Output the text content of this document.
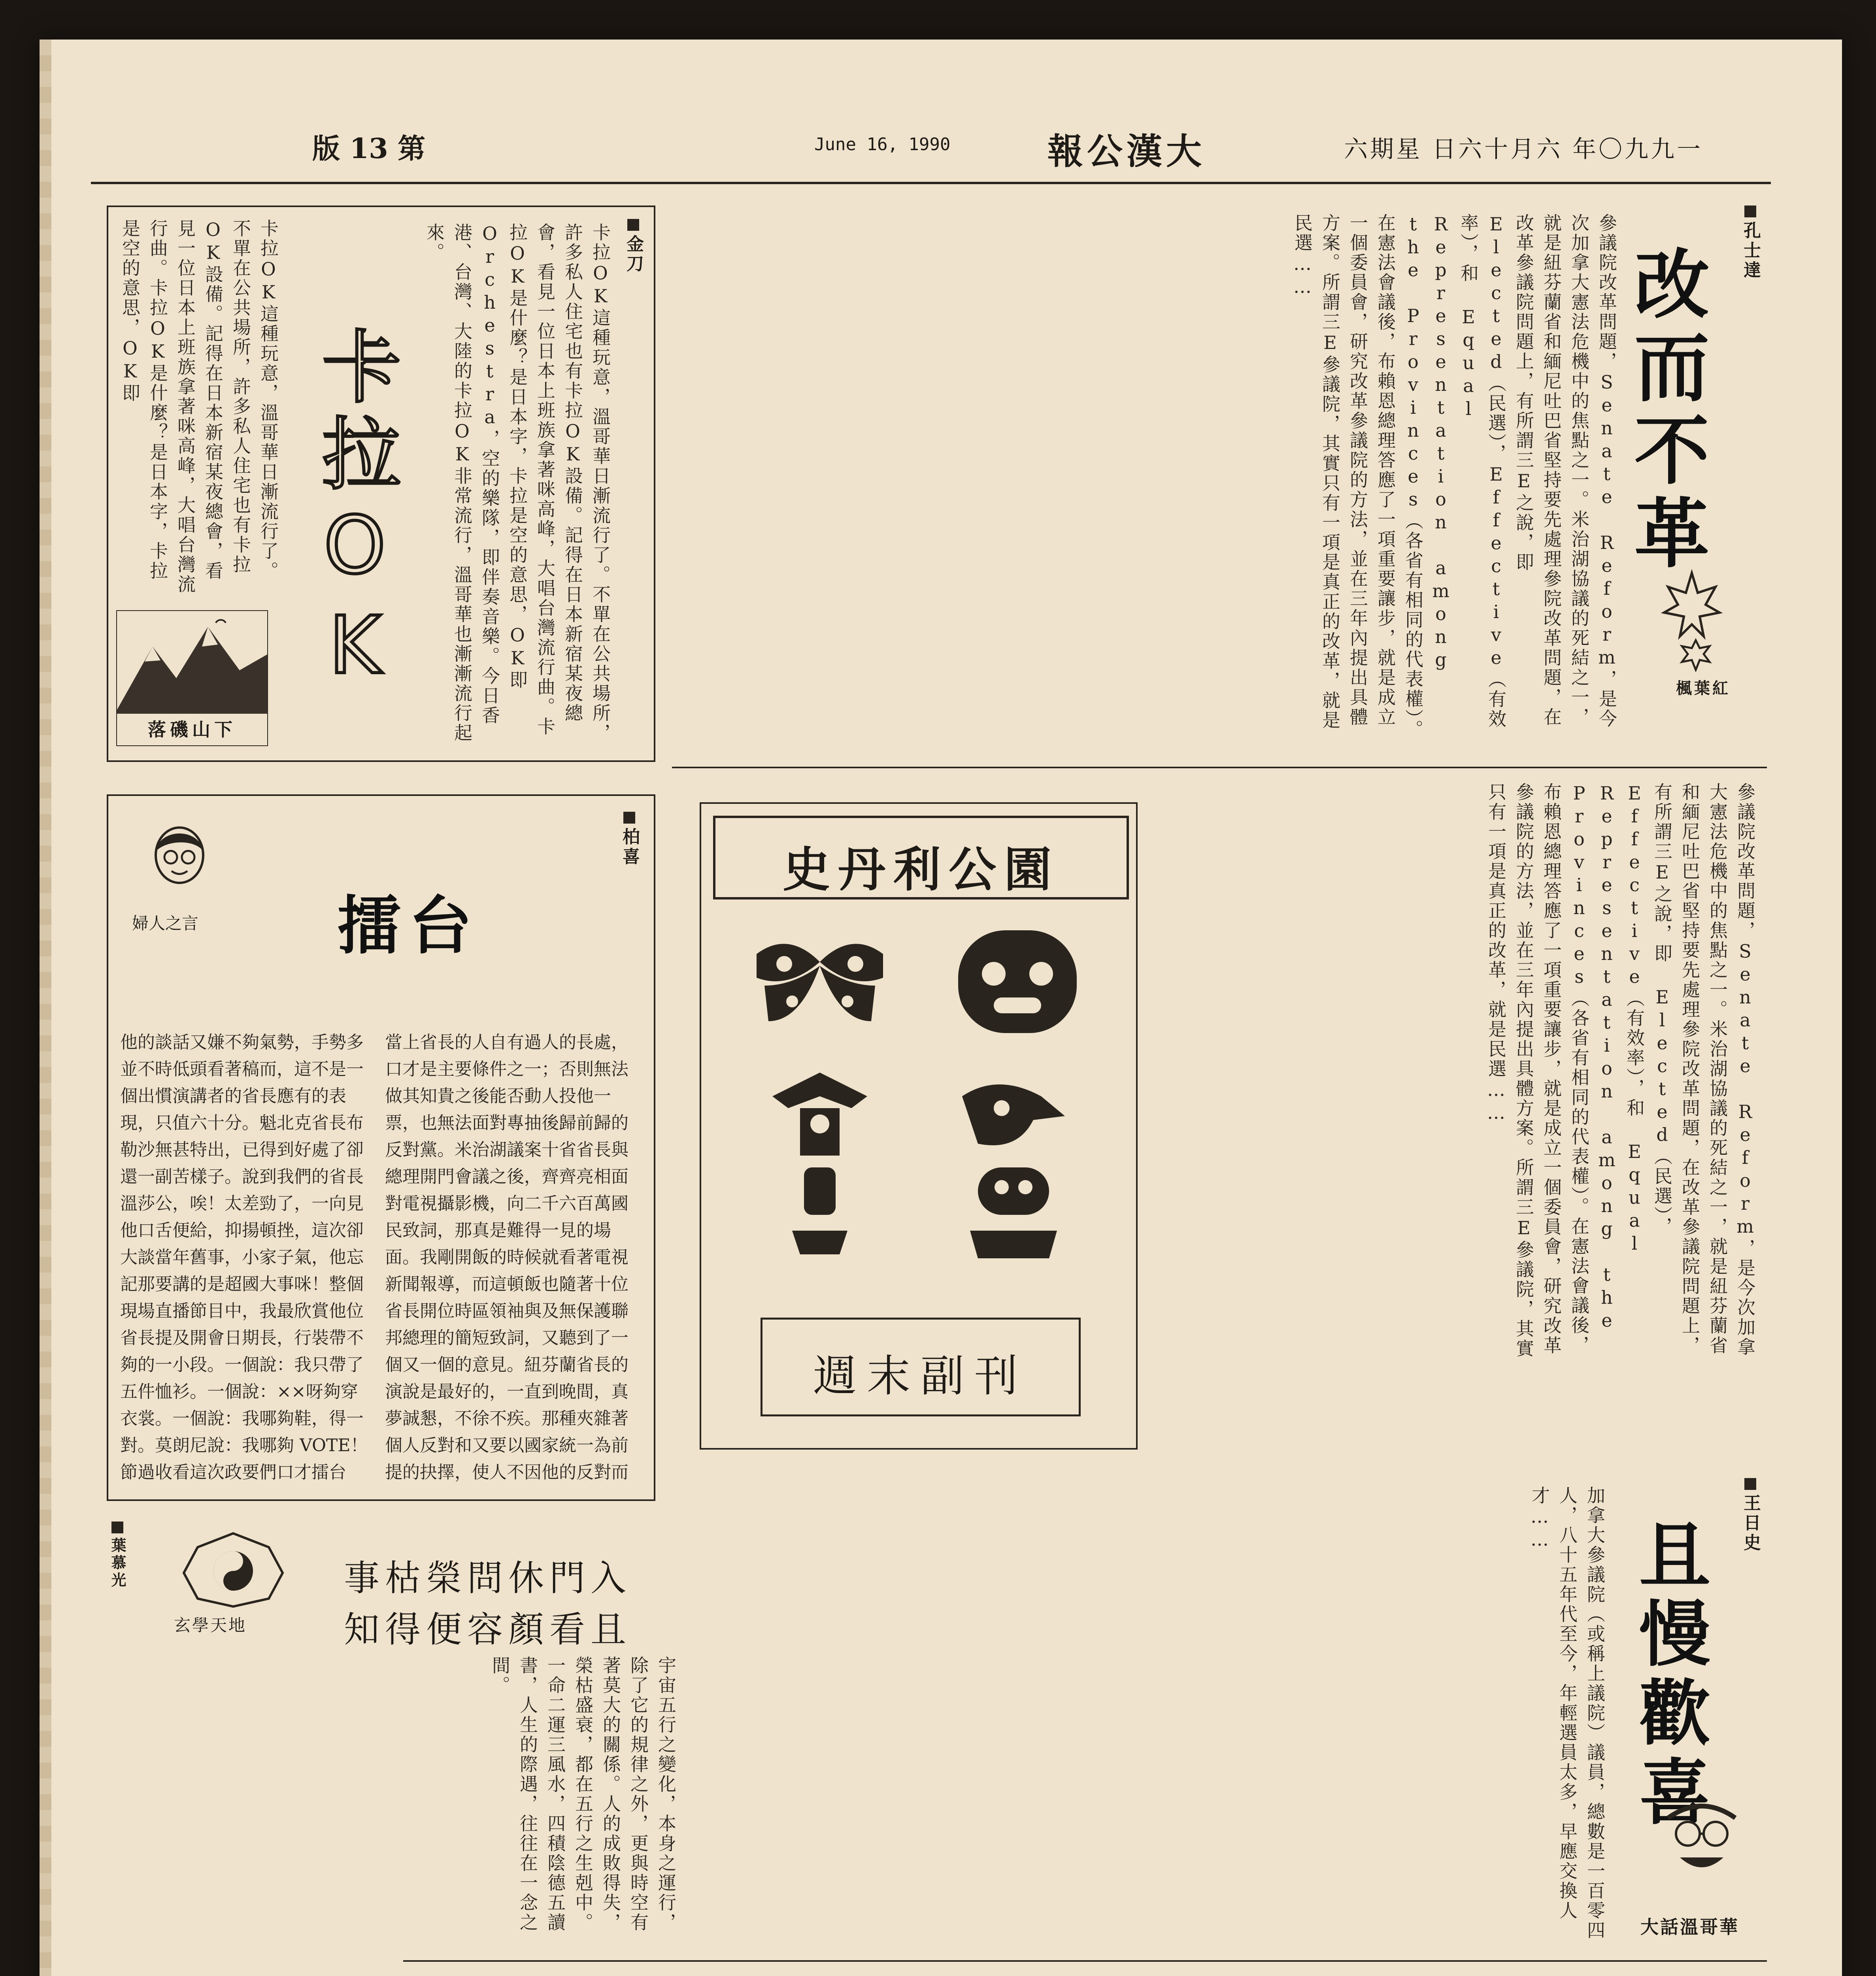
版 13 第	June 16, 1990	報公漢大	六期星 日六十月六 年〇九九一
孔士達
改而不革
楓葉紅
參議院改革問題，Senate Reform，是今次加拿大憲法危機中的焦點之一。米治湖協議的死結之一，就是紐芬蘭省和緬尼吐巴省堅持要先處理參院改革問題，在改革參議院問題上，有所謂三E之說，即 Elected（民選），Effective（有效率），和 Equal Representation among the Provinces（各省有相同的代表權）。在憲法會議後，布賴恩總理答應了一項重要讓步，就是成立一個委員會，研究改革參議院的方法，並在三年內提出具體方案。所謂三E參議院，其實只有一項是真正的改革，就是民選……
金刀
卡拉OK
落磯山下	卡拉OK這種玩意，溫哥華日漸流行了。不單在公共場所，許多私人住宅也有卡拉OK設備。記得在日本新宿某夜總會，看見一位日本上班族拿著咪高峰，大唱台灣流行曲。卡拉OK是什麼？是日本字，卡拉是空的意思，OK即Orchestra，空的樂隊，即伴奏音樂。今日香港、台灣、大陸的卡拉OK非常流行，溫哥華也漸漸流行起來。
卡拉OK這種玩意，溫哥華日漸流行了。不單在公共場所，許多私人住宅也有卡拉OK設備。記得在日本新宿某夜總會，看見一位日本上班族拿著咪高峰，大唱台灣流行曲。卡拉OK是什麼？是日本字，卡拉是空的意思，OK即
柏喜
婦人之言 擂台
當上省長的人自有過人的長處，口才是主要條件之一；否則無法做其知貴之後能否動人投他一票，也無法面對專抽後歸前歸的反對黨。米治湖議案十省省長與總理開門會議之後，齊齊亮相面對電視攝影機，向二千六百萬國民致詞，那真是難得一見的場面。我剛開飯的時候就看著電視新聞報導，而這頓飯也隨著十位省長開位時區領袖與及無保護聯邦總理的簡短致詞，又聽到了一個又一個的意見。紐芬蘭省長的演說是最好的，一直到晚間，真夢誠懇，不徐不疾。那種夾雜著個人反對和又要以國家統一為前提的抉擇，使人不因他的反對而
他的談話又嫌不夠氣勢，手勢多並不時低頭看著稿而，這不是一個出慣演講者的省長應有的表現，只值六十分。魁北克省長布勒沙無甚特出，已得到好處了卻還一副苦樣子。說到我們的省長溫莎公，唉！太差勁了，一向見他口舌便給，抑揚頓挫，這次卻大談當年舊事，小家子氣，他忘記那要講的是超國大事咪！整個現場直播節目中，我最欣賞他位省長提及開會日期長，行裝帶不夠的一小段。一個說：我只帶了五件恤衫。一個說：××呀夠穿衣裳。一個說：我哪夠鞋，得一對。莫朗尼說：我哪夠 VOTE！節過收看這次政要們口才擂台
史丹利公園
週末副刊
參議院改革問題，Senate Reform，是今次加拿大憲法危機中的焦點之一。米治湖協議的死結之一，就是紐芬蘭省和緬尼吐巴省堅持要先處理參院改革問題，在改革參議院問題上，有所謂三E之說，即 Elected（民選），Effective（有效率），和 Equal Representation among the Provinces（各省有相同的代表權）。在憲法會議後，布賴恩總理答應了一項重要讓步，就是成立一個委員會，研究改革參議院的方法，並在三年內提出具體方案。所謂三E參議院，其實只有一項是真正的改革，就是民選……
王日史
且慢歡喜
大話溫哥華
加拿大參議院（或稱上議院）議員，總數是一百零四人，八十五年代至今，年輕選員太多，早應交換人才……
葉慕光
玄學天地
事枯榮問休門入
知得便容顏看且
宇宙五行之變化，本身之運行，除了它的規律之外，更與時空有著莫大的關係。人的成敗得失，榮枯盛衰，都在五行之生剋中。一命二運三風水，四積陰德五讀書，人生的際遇，往往在一念之間。
